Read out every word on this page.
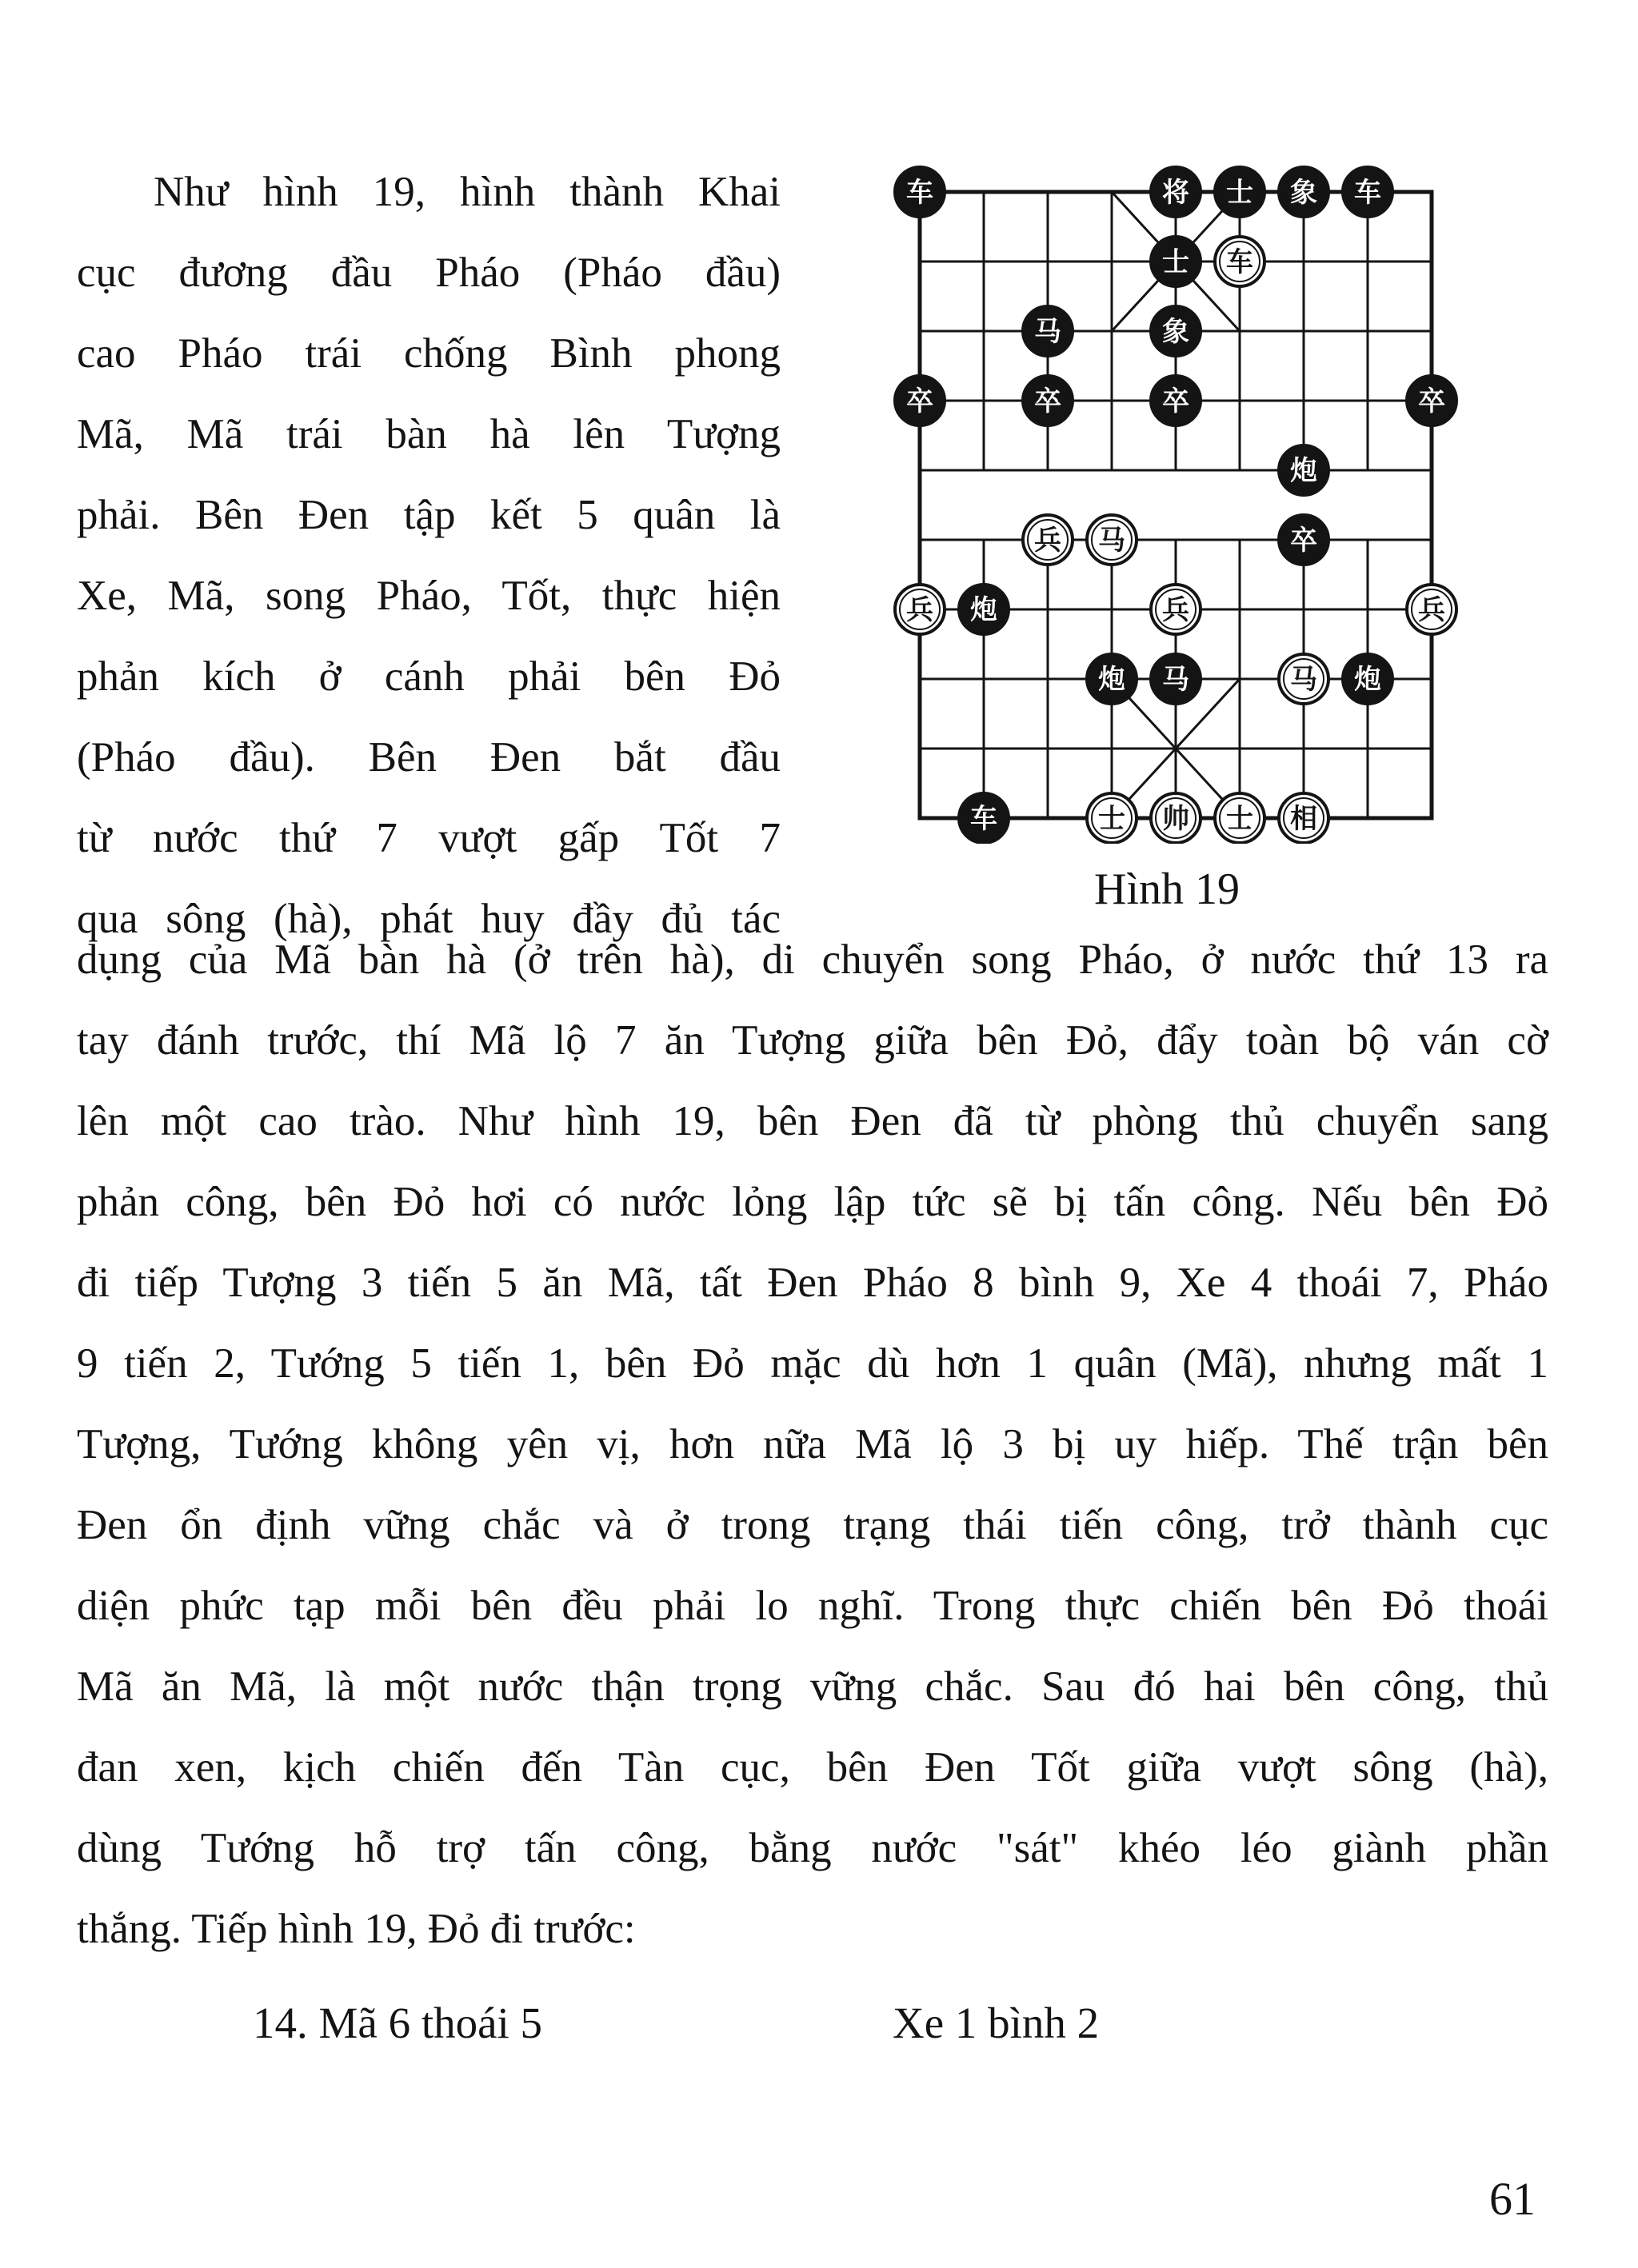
Như hình 19, hình thành Khai
cục đương đầu Pháo (Pháo đầu)
cao Pháo trái chống Bình phong
Mã, Mã trái bàn hà lên Tượng
phải. Bên Đen tập kết 5 quân là
Xe, Mã, song Pháo, Tốt, thực hiện
phản kích ở cánh phải bên Đỏ
(Pháo đầu). Bên Đen bắt đầu
từ nước thứ 7 vượt gấp Tốt 7
qua sông (hà), phát huy đầy đủ tác
车	将 士 象 车
士 车
马	象
卒	卒	卒	卒
炮
兵 马	卒
兵 炮	兵	兵
炮 马	马 炮
车	士 帅 士 相
Hình 19
dụng của Mã bàn hà (ở trên hà), di chuyển song Pháo, ở nước thứ 13 ra
tay đánh trước, thí Mã lộ 7 ăn Tượng giữa bên Đỏ, đẩy toàn bộ ván cờ
lên một cao trào. Như hình 19, bên Đen đã từ phòng thủ chuyển sang
phản công, bên Đỏ hơi có nước lỏng lập tức sẽ bị tấn công. Nếu bên Đỏ
đi tiếp Tượng 3 tiến 5 ăn Mã, tất Đen Pháo 8 bình 9, Xe 4 thoái 7, Pháo
9 tiến 2, Tướng 5 tiến 1, bên Đỏ mặc dù hơn 1 quân (Mã), nhưng mất 1
Tượng, Tướng không yên vị, hơn nữa Mã lộ 3 bị uy hiếp. Thế trận bên
Đen ổn định vững chắc và ở trong trạng thái tiến công, trở thành cục
diện phức tạp mỗi bên đều phải lo nghĩ. Trong thực chiến bên Đỏ thoái
Mã ăn Mã, là một nước thận trọng vững chắc. Sau đó hai bên công, thủ
đan xen, kịch chiến đến Tàn cục, bên Đen Tốt giữa vượt sông (hà),
dùng Tướng hỗ trợ tấn công, bằng nước "sát" khéo léo giành phần
thắng. Tiếp hình 19, Đỏ đi trước:
14. Mã 6 thoái 5	Xe 1 bình 2
61
